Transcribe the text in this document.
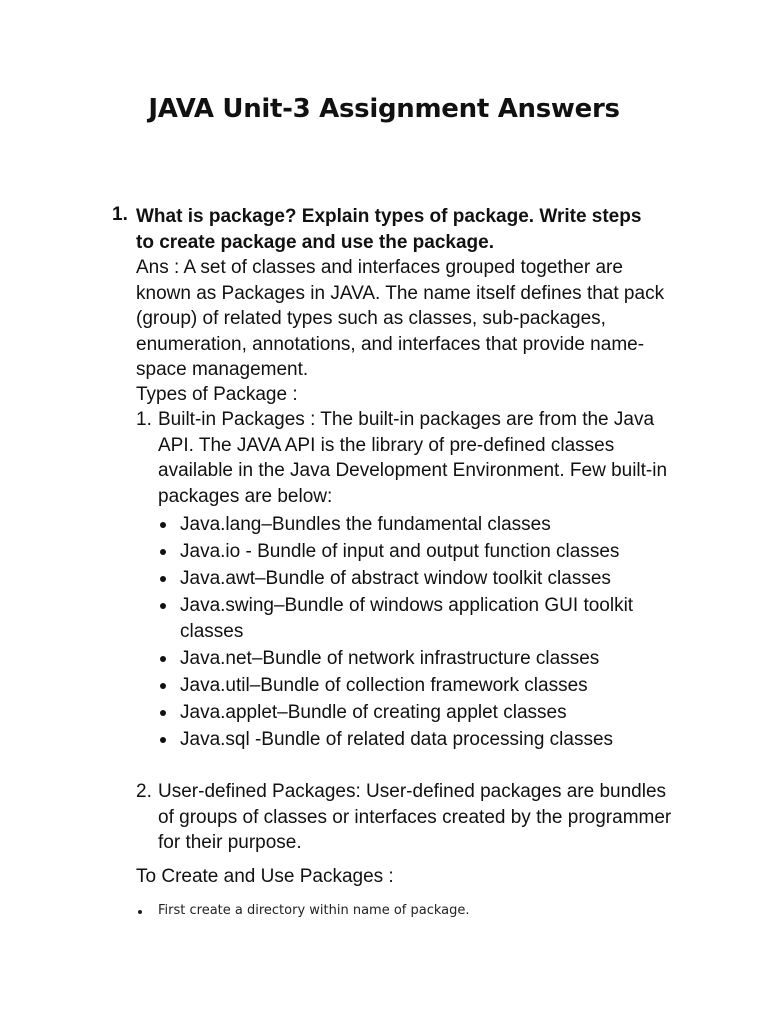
JAVA Unit-3 Assignment Answers
1. What is package? Explain types of package. Write steps to create package and use the package.
Ans : A set of classes and interfaces grouped together are known as Packages in JAVA. The name itself defines that pack (group) of related types such as classes, sub-packages, enumeration, annotations, and interfaces that provide name-space management.
Types of Package :
1. Built-in Packages : The built-in packages are from the Java API. The JAVA API is the library of pre-defined classes available in the Java Development Environment. Few built-in packages are below:
Java.lang–Bundles the fundamental classes
Java.io - Bundle of input and output function classes
Java.awt–Bundle of abstract window toolkit classes
Java.swing–Bundle of windows application GUI toolkit classes
Java.net–Bundle of network infrastructure classes
Java.util–Bundle of collection framework classes
Java.applet–Bundle of creating applet classes
Java.sql -Bundle of related data processing classes
2. User-defined Packages: User-defined packages are bundles of groups of classes or interfaces created by the programmer for their purpose.
To Create and Use Packages :
First create a directory within name of package.
